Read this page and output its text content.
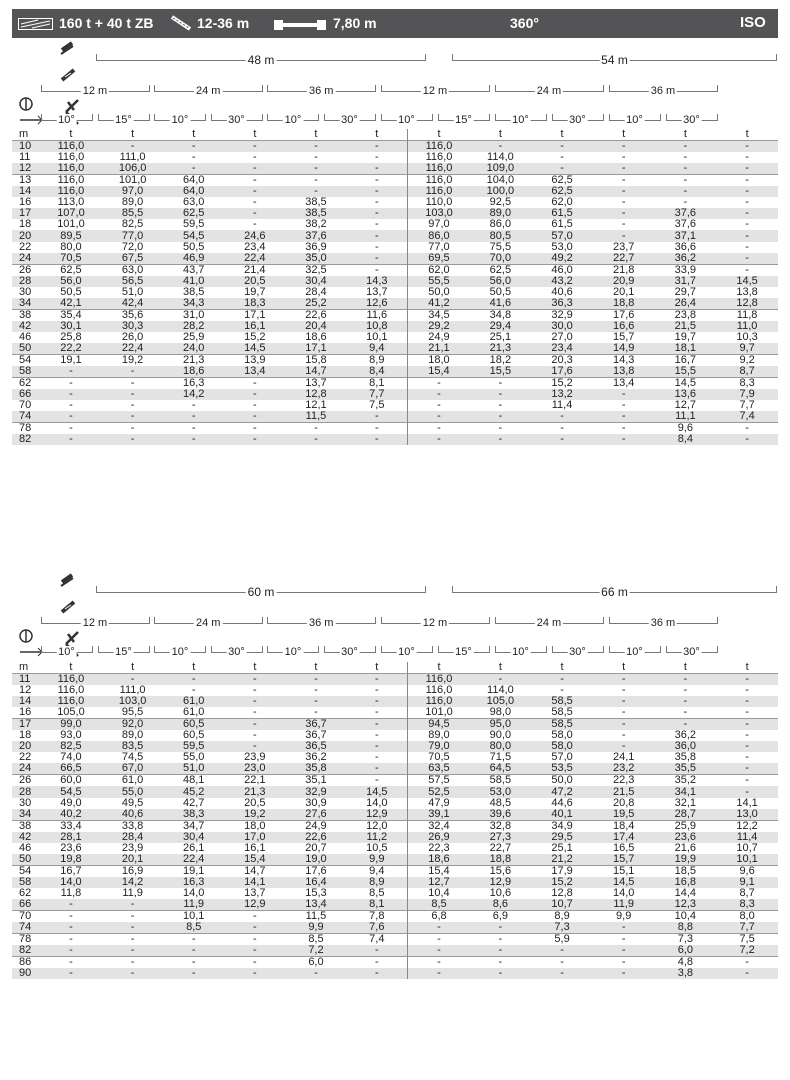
160 t + 40 t ZB	12-36 m	7,80 m	360°	ISO
48 m	54 m
12 m	24 m	36 m	12 m	24 m	36 m
10°	15°	10°	30°	10°	30°	10°	15°	10°	30°	10°	30°
m	t	t	t	t	t	t	t	t	t	t	t	t
10	116,0	-	-	-	-	-	116,0	-	-	-	-	-
11	116,0	111,0	-	-	-	-	116,0	114,0	-	-	-	-
12	116,0	106,0	-	-	-	-	116,0	109,0	-	-	-	-
13	116,0	101,0	64,0	-	-	-	116,0	104,0	62,5	-	-	-
14	116,0	97,0	64,0	-	-	-	116,0	100,0	62,5	-	-	-
16	113,0	89,0	63,0	-	38,5	-	110,0	92,5	62,0	-	-	-
17	107,0	85,5	62,5	-	38,5	-	103,0	89,0	61,5	-	37,6	-
18	101,0	82,5	59,5	-	38,2	-	97,0	86,0	61,5	-	37,6	-
20	89,5	77,0	54,5	24,6	37,6	-	86,0	80,5	57,0	-	37,1	-
22	80,0	72,0	50,5	23,4	36,9	-	77,0	75,5	53,0	23,7	36,6	-
24	70,5	67,5	46,9	22,4	35,0	-	69,5	70,0	49,2	22,7	36,2	-
26	62,5	63,0	43,7	21,4	32,5	-	62,0	62,5	46,0	21,8	33,9	-
28	56,0	56,5	41,0	20,5	30,4	14,3	55,5	56,0	43,2	20,9	31,7	14,5
30	50,5	51,0	38,5	19,7	28,4	13,7	50,0	50,5	40,6	20,1	29,7	13,8
34	42,1	42,4	34,3	18,3	25,2	12,6	41,2	41,6	36,3	18,8	26,4	12,8
38	35,4	35,6	31,0	17,1	22,6	11,6	34,5	34,8	32,9	17,6	23,8	11,8
42	30,1	30,3	28,2	16,1	20,4	10,8	29,2	29,4	30,0	16,6	21,5	11,0
46	25,8	26,0	25,9	15,2	18,6	10,1	24,9	25,1	27,0	15,7	19,7	10,3
50	22,2	22,4	24,0	14,5	17,1	9,4	21,1	21,3	23,4	14,9	18,1	9,7
54	19,1	19,2	21,3	13,9	15,8	8,9	18,0	18,2	20,3	14,3	16,7	9,2
58	-	-	18,6	13,4	14,7	8,4	15,4	15,5	17,6	13,8	15,5	8,7
62	-	-	16,3	-	13,7	8,1	-	-	15,2	13,4	14,5	8,3
66	-	-	14,2	-	12,8	7,7	-	-	13,2	-	13,6	7,9
70	-	-	-	-	12,1	7,5	-	-	11,4	-	12,7	7,7
74	-	-	-	-	11,5	-	-	-	-	-	11,1	7,4
78	-	-	-	-	-	-	-	-	-	-	9,6	-
82	-	-	-	-	-	-	-	-	-	-	8,4	-
60 m	66 m
12 m	24 m	36 m	12 m	24 m	36 m
10°	15°	10°	30°	10°	30°	10°	15°	10°	30°	10°	30°
m	t	t	t	t	t	t	t	t	t	t	t	t
11	116,0	-	-	-	-	-	116,0	-	-	-	-	-
12	116,0	111,0	-	-	-	-	116,0	114,0	-	-	-	-
14	116,0	103,0	61,0	-	-	-	116,0	105,0	58,5	-	-	-
16	105,0	95,5	61,0	-	-	-	101,0	98,0	58,5	-	-	-
17	99,0	92,0	60,5	-	36,7	-	94,5	95,0	58,5	-	-	-
18	93,0	89,0	60,5	-	36,7	-	89,0	90,0	58,0	-	36,2	-
20	82,5	83,5	59,5	-	36,5	-	79,0	80,0	58,0	-	36,0	-
22	74,0	74,5	55,0	23,9	36,2	-	70,5	71,5	57,0	24,1	35,8	-
24	66,5	67,0	51,0	23,0	35,8	-	63,5	64,5	53,5	23,2	35,5	-
26	60,0	61,0	48,1	22,1	35,1	-	57,5	58,5	50,0	22,3	35,2	-
28	54,5	55,0	45,2	21,3	32,9	14,5	52,5	53,0	47,2	21,5	34,1	-
30	49,0	49,5	42,7	20,5	30,9	14,0	47,9	48,5	44,6	20,8	32,1	14,1
34	40,2	40,6	38,3	19,2	27,6	12,9	39,1	39,6	40,1	19,5	28,7	13,0
38	33,4	33,8	34,7	18,0	24,9	12,0	32,4	32,8	34,9	18,4	25,9	12,2
42	28,1	28,4	30,4	17,0	22,6	11,2	26,9	27,3	29,5	17,4	23,6	11,4
46	23,6	23,9	26,1	16,1	20,7	10,5	22,3	22,7	25,1	16,5	21,6	10,7
50	19,8	20,1	22,4	15,4	19,0	9,9	18,6	18,8	21,2	15,7	19,9	10,1
54	16,7	16,9	19,1	14,7	17,6	9,4	15,4	15,6	17,9	15,1	18,5	9,6
58	14,0	14,2	16,3	14,1	16,4	8,9	12,7	12,9	15,2	14,5	16,8	9,1
62	11,8	11,9	14,0	13,7	15,3	8,5	10,4	10,6	12,8	14,0	14,4	8,7
66	-	-	11,9	12,9	13,4	8,1	8,5	8,6	10,7	11,9	12,3	8,3
70	-	-	10,1	-	11,5	7,8	6,8	6,9	8,9	9,9	10,4	8,0
74	-	-	8,5	-	9,9	7,6	-	-	7,3	-	8,8	7,7
78	-	-	-	-	8,5	7,4	-	-	5,9	-	7,3	7,5
82	-	-	-	-	7,2	-	-	-	-	-	6,0	7,2
86	-	-	-	-	6,0	-	-	-	-	-	4,8	-
90	-	-	-	-	-	-	-	-	-	-	3,8	-
